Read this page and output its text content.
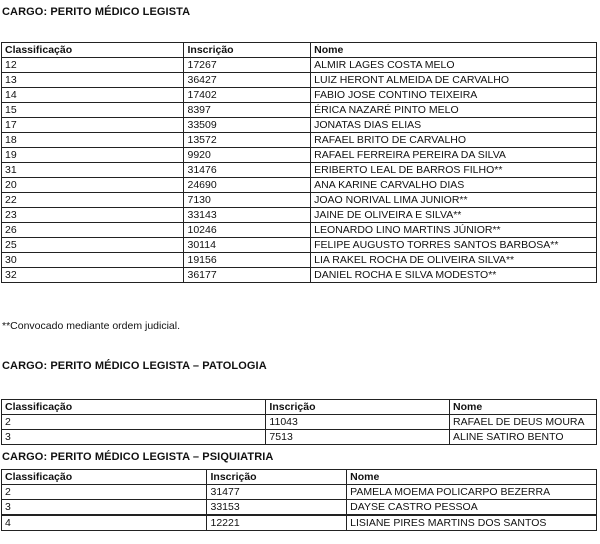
CARGO: PERITO MÉDICO LEGISTA
Classificação	Inscrição	Nome
12	17267	ALMIR LAGES COSTA MELO
13	36427	LUIZ HERONT ALMEIDA DE CARVALHO
14	17402	FABIO JOSE CONTINO TEIXEIRA
15	8397	ÉRICA NAZARÉ PINTO MELO
17	33509	JONATAS DIAS ELIAS
18	13572	RAFAEL BRITO DE CARVALHO
19	9920	RAFAEL FERREIRA PEREIRA DA SILVA
31	31476	ERIBERTO LEAL DE BARROS FILHO**
20	24690	ANA KARINE CARVALHO DIAS
22	7130	JOAO NORIVAL LIMA JUNIOR**
23	33143	JAINE DE OLIVEIRA E SILVA**
26	10246	LEONARDO LINO MARTINS JÚNIOR**
25	30114	FELIPE AUGUSTO TORRES SANTOS BARBOSA**
30	19156	LIA RAKEL ROCHA DE OLIVEIRA SILVA**
32	36177	DANIEL ROCHA E SILVA MODESTO**
**Convocado mediante ordem judicial.
CARGO: PERITO MÉDICO LEGISTA – PATOLOGIA
Classificação	Inscrição	Nome
2	11043	RAFAEL DE DEUS MOURA
3	7513	ALINE SATIRO BENTO
CARGO: PERITO MÉDICO LEGISTA – PSIQUIATRIA
Classificação	Inscrição	Nome
2	31477	PAMELA MOEMA POLICARPO BEZERRA
3	33153	DAYSE CASTRO PESSOA
4	12221	LISIANE PIRES MARTINS DOS SANTOS
